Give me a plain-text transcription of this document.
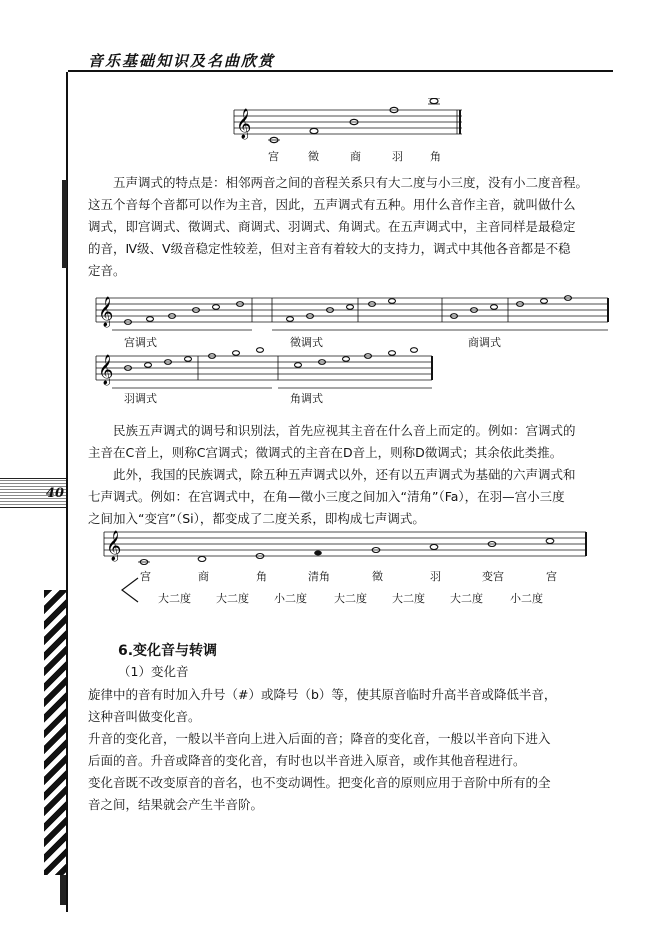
音乐基础知识及名曲欣赏
40
𝄞
宫	徵	商	羽 角
五声调式的特点是：相邻两音之间的音程关系只有大二度与小三度，没有小二度音程。
这五个音每个音都可以作为主音，因此，五声调式有五种。用什么音作主音，就叫做什么
调式，即宫调式、徵调式、商调式、羽调式、角调式。在五声调式中，主音同样是最稳定
的音，Ⅳ级、Ⅴ级音稳定性较差，但对主音有着较大的支持力，调式中其他各音都是不稳
定音。
𝄞
𝄞
宫调式	徵调式	商调式
羽调式	角调式
民族五声调式的调号和识别法，首先应视其主音在什么音上而定的。例如：宫调式的
主音在C音上，则称C宫调式；徵调式的主音在D音上，则称D徵调式；其余依此类推。
此外，我国的民族调式，除五种五声调式以外，还有以五声调式为基础的六声调式和
七声调式。例如：在宫调式中，在角—徵小三度之间加入“清角”（Fa），在羽—宫小三度
之间加入“变宫”（Si），都变成了二度关系，即构成七声调式。
𝄞
宫	商	角	清角	徵	羽	变宫	宫
大二度 大二度 小二度 大二度 大二度 大二度 小二度
6.变化音与转调
（1）变化音
旋律中的音有时加入升号（#）或降号（b）等，使其原音临时升高半音或降低半音，
这种音叫做变化音。
升音的变化音，一般以半音向上进入后面的音；降音的变化音，一般以半音向下进入
后面的音。升音或降音的变化音，有时也以半音进入原音，或作其他音程进行。
变化音既不改变原音的音名，也不变动调性。把变化音的原则应用于音阶中所有的全
音之间，结果就会产生半音阶。
